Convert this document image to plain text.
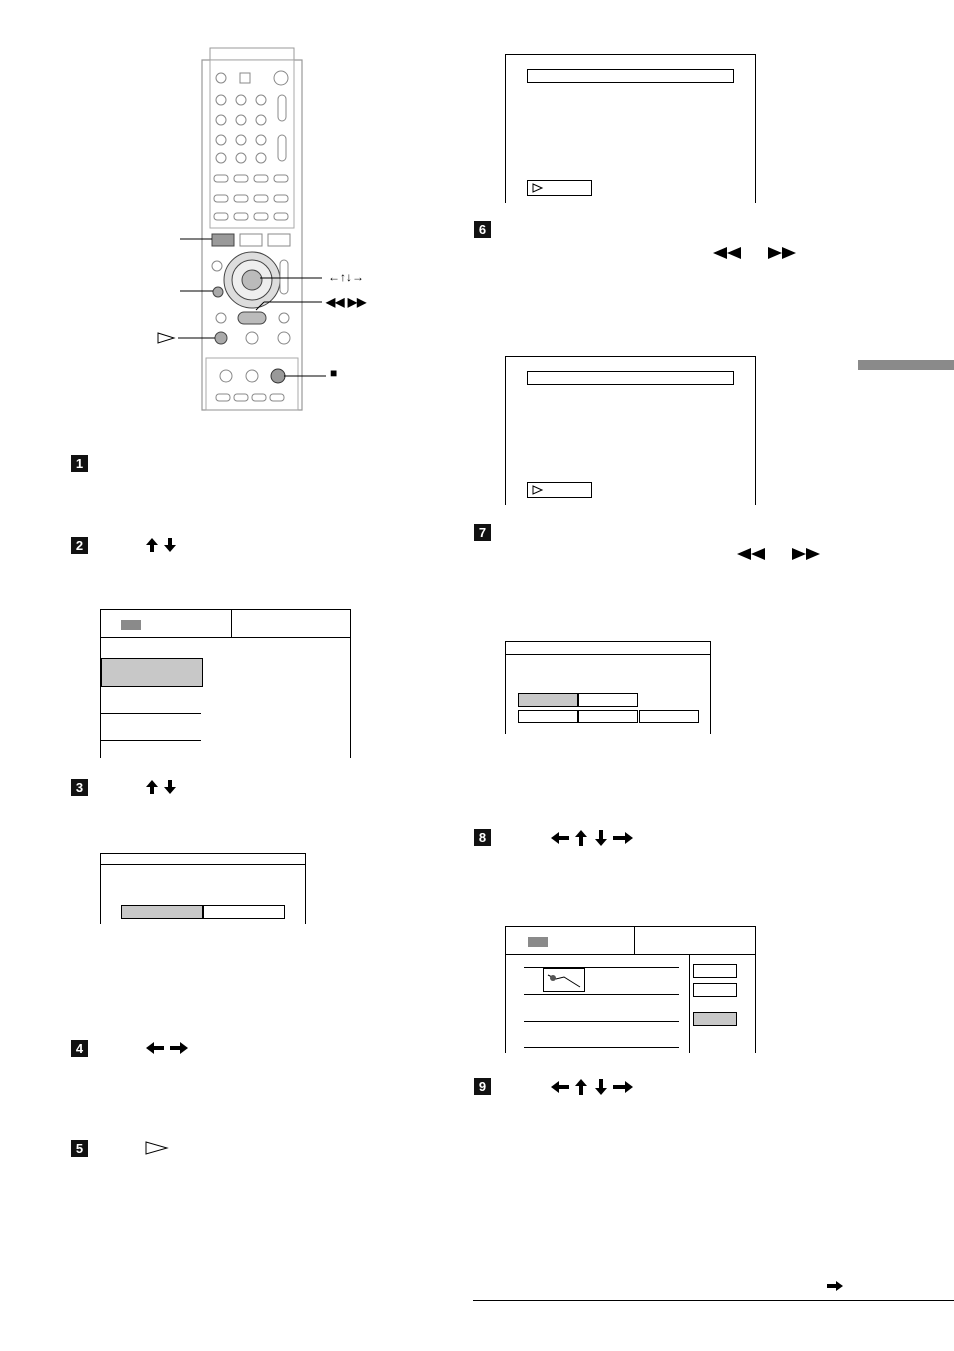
←↑↓→
◀◀ ▶▶
■
1
2
3
4
5
6
7
8
9
